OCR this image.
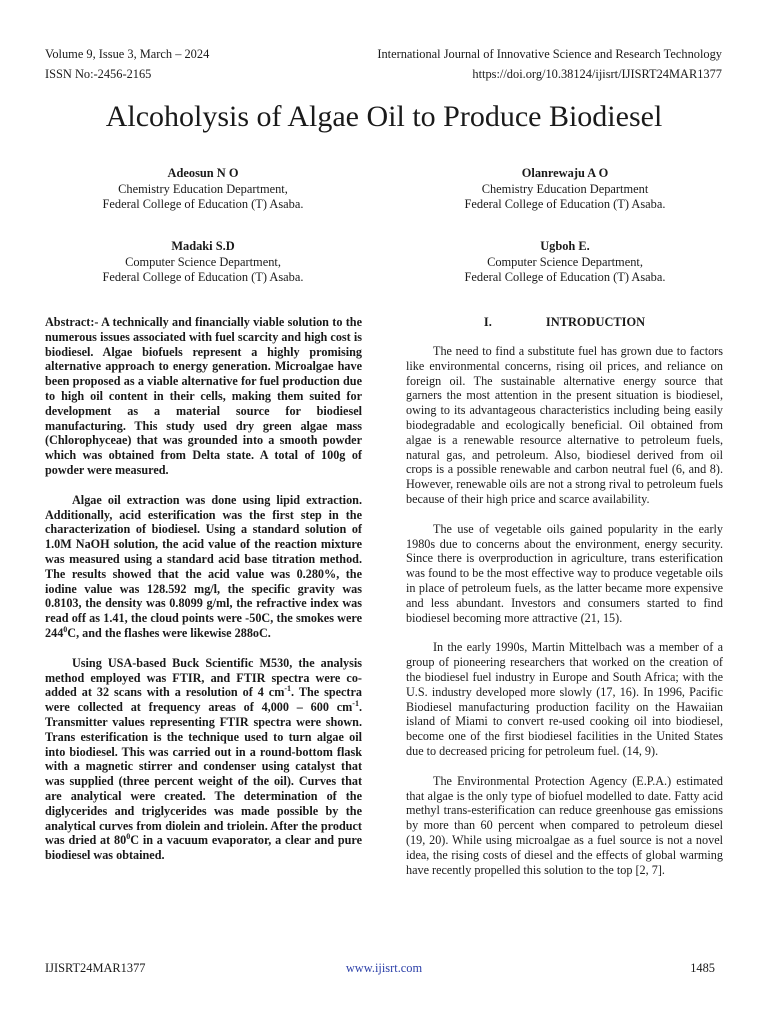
Volume 9, Issue 3, March – 2024
ISSN No:-2456-2165
International Journal of Innovative Science and Research Technology
https://doi.org/10.38124/ijisrt/IJISRT24MAR1377
Alcoholysis of Algae Oil to Produce Biodiesel
Adeosun N O
Chemistry Education Department,
Federal College of Education (T) Asaba.
Olanrewaju A O
Chemistry Education Department
Federal College of Education (T) Asaba.
Madaki S.D
Computer Science Department,
Federal College of Education (T) Asaba.
Ugboh E.
Computer Science Department,
Federal College of Education (T) Asaba.

Abstract:- A technically and financially viable solution to the numerous issues associated with fuel scarcity and high cost is biodiesel. Algae biofuels represent a highly promising alternative approach to energy generation. Microalgae have been proposed as a viable alternative for fuel production due to high oil content in their cells, making them suited for development as a material source for biodiesel manufacturing. This study used dry green algae mass (Chlorophyceae) that was grounded into a smooth powder which was obtained from Delta state. A total of 100g of powder were measured.

Algae oil extraction was done using lipid extraction. Additionally, acid esterification was the first step in the characterization of biodiesel. Using a standard solution of 1.0M NaOH solution, the acid value of the reaction mixture was measured using a standard acid base titration method. The results showed that the acid value was 0.280%, the iodine value was 128.592 mg/l, the specific gravity was 0.8103, the density was 0.8099 g/ml, the refractive index was read off as 1.41, the cloud points were -50C, the smokes were $244^0C$, and the flashes were likewise 288oC.

Using USA-based Buck Scientific M530, the analysis method employed was FTIR, and FTIR spectra were co-added at 32 scans with a resolution of 4 $cm^{-1}$. The spectra were collected at frequency areas of 4,000 – 600 $cm^{-1}$. Transmitter values representing FTIR spectra were shown. Trans esterification is the technique used to turn algae oil into biodiesel. This was carried out in a round-bottom flask with a magnetic stirrer and condenser using catalyst that was supplied (three percent weight of the oil). Curves that are analytical were created. The determination of the diglycerides and triglycerides was made possible by the analytical curves from diolein and triolein. After the product was dried at $80^0C$ in a vacuum evaporator, a clear and pure biodiesel was obtained.

I.	INTRODUCTION

The need to find a substitute fuel has grown due to factors like environmental concerns, rising oil prices, and reliance on foreign oil. The sustainable alternative energy source that garners the most attention in the present situation is biodiesel, owing to its advantageous characteristics including being easily biodegradable and ecologically beneficial. Oil obtained from algae is a renewable resource alternative to petroleum fuels, natural gas, and petroleum. Also, biodiesel derived from oil crops is a possible renewable and carbon neutral fuel (6, and 8). However, renewable oils are not a strong rival to petroleum fuels because of their high price and scarce availability.

The use of vegetable oils gained popularity in the early 1980s due to concerns about the environment, energy security. Since there is overproduction in agriculture, trans esterification was found to be the most effective way to produce vegetable oils in place of petroleum fuels, as the latter became more expensive and less abundant. Investors and consumers started to find biodiesel becoming more attractive (21, 15).

In the early 1990s, Martin Mittelbach was a member of a group of pioneering researchers that worked on the creation of the biodiesel fuel industry in Europe and South Africa; with the U.S. industry developed more slowly (17, 16). In 1996, Pacific Biodiesel manufacturing production facility on the Hawaiian island of Miami to convert re-used cooking oil into biodiesel, become one of the first biodiesel facilities in the United States due to decreased pricing for petroleum fuel. (14, 9).

The Environmental Protection Agency (E.P.A.) estimated that algae is the only type of biofuel modelled to date. Fatty acid methyl trans-esterification can reduce greenhouse gas emissions by more than 60 percent when compared to petroleum diesel (19, 20). While using microalgae as a fuel source is not a novel idea, the rising costs of diesel and the effects of global warming have recently propelled this solution to the top [2, 7].

IJISRT24MAR1377	www.ijisrt.com	1485
